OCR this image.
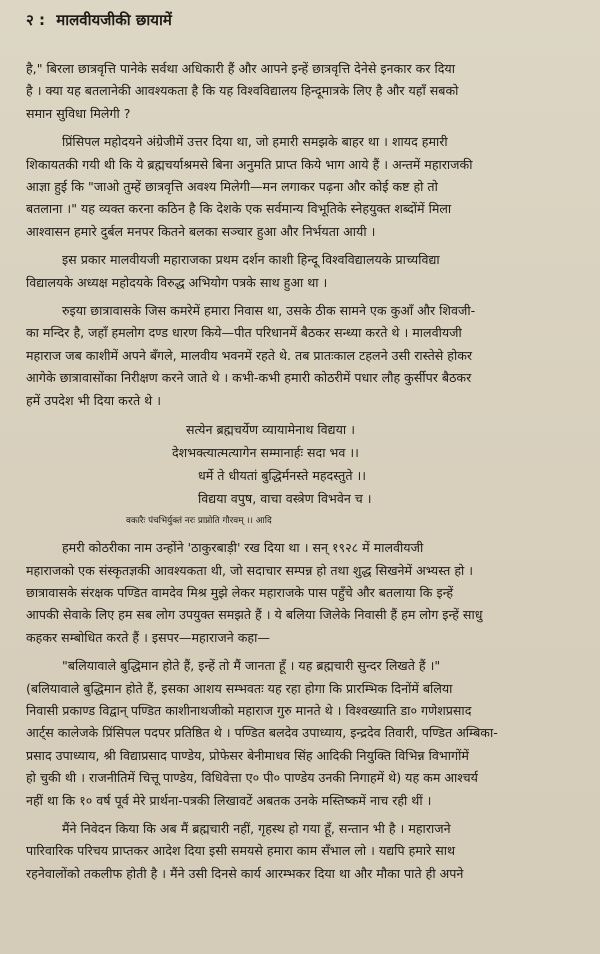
२ : मालवीयजीकी छायामें

है," बिरला छात्रवृत्ति पानेके सर्वथा अधिकारी हैं और आपने इन्हें छात्रवृत्ति देनेसे इनकार कर दिया
है । क्या यह बतलानेकी आवश्यकता है कि यह विश्वविद्यालय हिन्दूमात्रके लिए है और यहाँ सबको
समान सुविधा मिलेगी ?

प्रिंसिपल महोदयने अंग्रेजीमें उत्तर दिया था, जो हमारी समझके बाहर था । शायद हमारी
शिकायतकी गयी थी कि ये ब्रह्मचर्याश्रमसे बिना अनुमति प्राप्त किये भाग आये हैं । अन्तमें महाराजकी
आज्ञा हुई कि "जाओ तुम्हें छात्रवृत्ति अवश्य मिलेगी—मन लगाकर पढ़ना और कोई कष्ट हो तो
बतलाना ।" यह व्यक्त करना कठिन है कि देशके एक सर्वमान्य विभूतिके स्नेहयुक्त शब्दोंमें मिला
आश्वासन हमारे दुर्बल मनपर कितने बलका सञ्चार हुआ और निर्भयता आयी ।

इस प्रकार मालवीयजी महाराजका प्रथम दर्शन काशी हिन्दू विश्वविद्यालयके प्राच्यविद्या
विद्यालयके अध्यक्ष महोदयके विरुद्ध अभियोग पत्रके साथ हुआ था ।

रुइया छात्रावासके जिस कमरेमें हमारा निवास था, उसके ठीक सामने एक कुआँ और शिवजी-
का मन्दिर है, जहाँ हमलोग दण्ड धारण किये—पीत परिधानमें बैठकर सन्ध्या करते थे । मालवीयजी
महाराज जब काशीमें अपने बँगले, मालवीय भवनमें रहते थे. तब प्रातःकाल टहलने उसी रास्तेसे होकर
आगेके छात्रावासोंका निरीक्षण करने जाते थे । कभी-कभी हमारी कोठरीमें पधार लौह कुर्सीपर बैठकर
हमें उपदेश भी दिया करते थे ।

सत्येन ब्रह्मचर्येण व्यायामेनाथ विद्यया ।
देशभक्त्यात्मत्यागेन सम्मानार्हः सदा भव ।।
धर्मे ते धीयतां बुद्धिर्मनस्ते महदस्तुते ।।
विद्यया वपुष, वाचा वस्त्रेण विभवेन च ।
वकारैः पंचभिर्युक्तं नरः प्राप्नोति गौरवम् ।। आदि

हमरी कोठरीका नाम उन्होंने 'ठाकुरबाड़ी' रख दिया था । सन् १९२८ में मालवीयजी
महाराजको एक संस्कृतज्ञकी आवश्यकता थी, जो सदाचार सम्पन्न हो तथा शुद्ध सिखनेमें अभ्यस्त हो ।
छात्रावासके संरक्षक पण्डित वामदेव मिश्र मुझे लेकर महाराजके पास पहुँचे और बतलाया कि इन्हें
आपकी सेवाके लिए हम सब लोग उपयुक्त समझते हैं । ये बलिया जिलेके निवासी हैं हम लोग इन्हें साधु
कहकर सम्बोधित करते हैं । इसपर—महाराजने कहा—

"बलियावाले बुद्धिमान होते हैं, इन्हें तो मैं जानता हूँ । यह ब्रह्मचारी सुन्दर लिखते हैं ।"
(बलियावाले बुद्धिमान होते हैं, इसका आशय सम्भवतः यह रहा होगा कि प्रारम्भिक दिनोंमें बलिया
निवासी प्रकाण्ड विद्वान् पण्डित काशीनाथजीको महाराज गुरु मानते थे । विश्वख्याति डा० गणेशप्रसाद
आर्ट्स कालेजके प्रिंसिपल पदपर प्रतिष्ठित थे । पण्डित बलदेव उपाध्याय, इन्द्रदेव तिवारी, पण्डित अम्बिका-
प्रसाद उपाध्याय, श्री विद्याप्रसाद पाण्डेय, प्रोफेसर बेनीमाधव सिंह आदिकी नियुक्ति विभिन्न विभागोंमें
हो चुकी थी । राजनीतिमें चित्तू पाण्डेय, विधिवेत्ता ए० पी० पाण्डेय उनकी निगाहमें थे) यह कम आश्चर्य
नहीं था कि १० वर्ष पूर्व मेरे प्रार्थना-पत्रकी लिखावटें अबतक उनके मस्तिष्कमें नाच रही थीं ।

मैंने निवेदन किया कि अब मैं ब्रह्मचारी नहीं, गृहस्थ हो गया हूँ, सन्तान भी है । महाराजने
पारिवारिक परिचय प्राप्तकर आदेश दिया इसी समयसे हमारा काम सँभाल लो । यद्यपि हमारे साथ
रहनेवालोंको तकलीफ होती है । मैंने उसी दिनसे कार्य आरम्भकर दिया था और मौका पाते ही अपने
